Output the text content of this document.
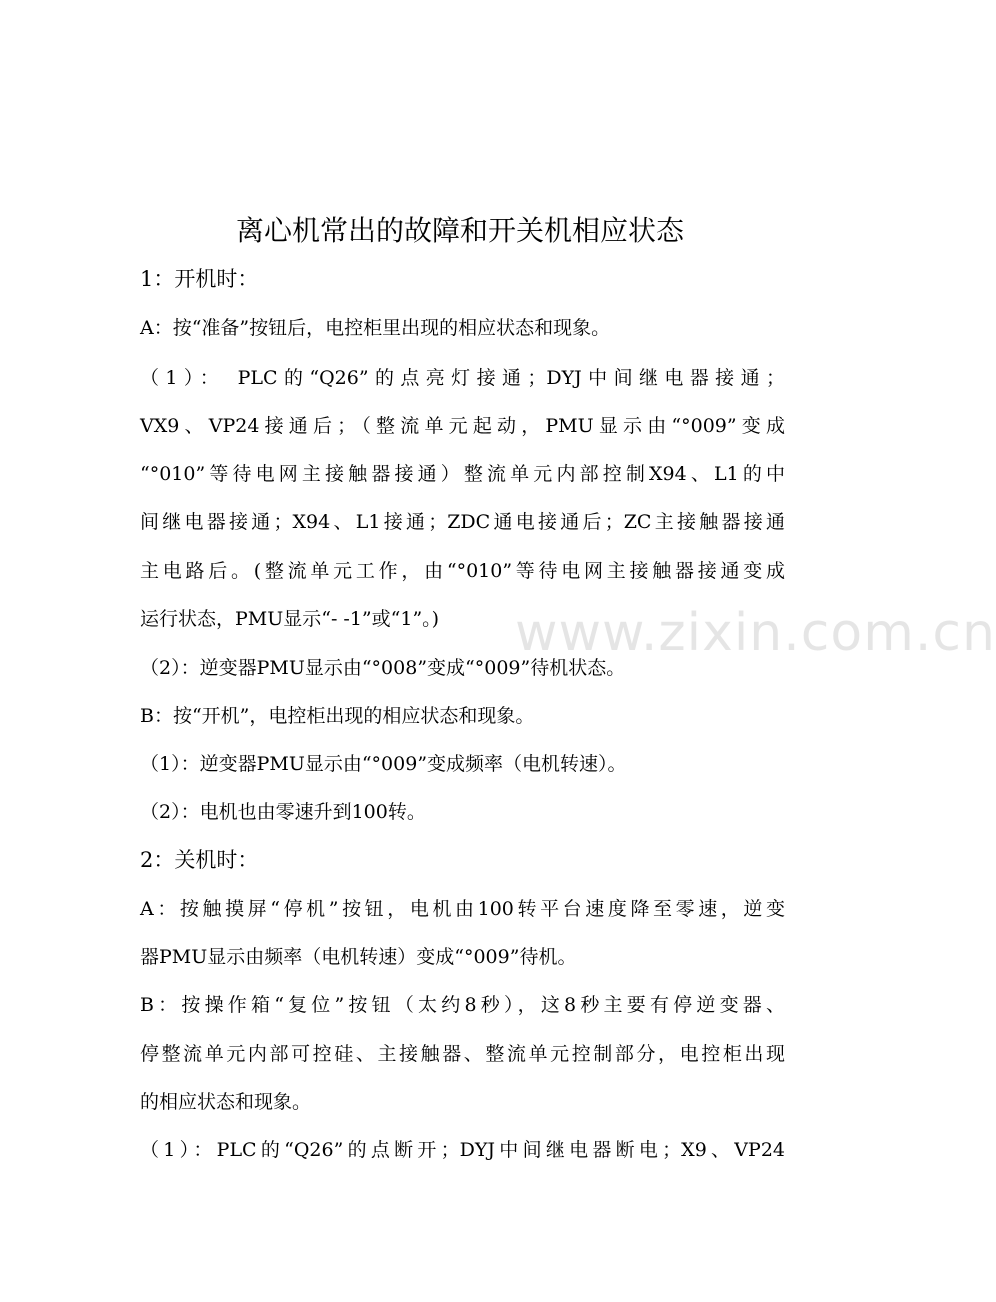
离心机常出的故障和开关机相应状态

1：开机时：

A：按“准备”按钮后，电控柜里出现的相应状态和现象。

（1）： PLC的“Q26”的点亮灯接通；DYJ中间继电器接通；

VX9、VP24接通后；（整流单元起动，PMU显示由“°009”变成

“°010”等待电网主接触器接通）整流单元内部控制X94、L1的中

间继电器接通；X94、L1接通；ZDC通电接通后；ZC主接触器接通

主电路后。(整流单元工作，由“°010”等待电网主接触器接通变成

运行状态，PMU显示“- -1”或“1”。)

（2）：逆变器PMU显示由“°008”变成“°009”待机状态。

B：按“开机”，电控柜出现的相应状态和现象。

（1）：逆变器PMU显示由“°009”变成频率（电机转速）。

（2）：电机也由零速升到100转。

2：关机时：

A：按触摸屏“停机”按钮，电机由100转平台速度降至零速，逆变

器PMU显示由频率（电机转速）变成“°009”待机。

B：按操作箱“复位”按钮（太约8秒），这8秒主要有停逆变器、

停整流单元内部可控硅、主接触器、整流单元控制部分，电控柜出现

的相应状态和现象。

（1）：PLC的“Q26”的点断开；DYJ中间继电器断电；X9、VP24

www.zixin.com.cn
